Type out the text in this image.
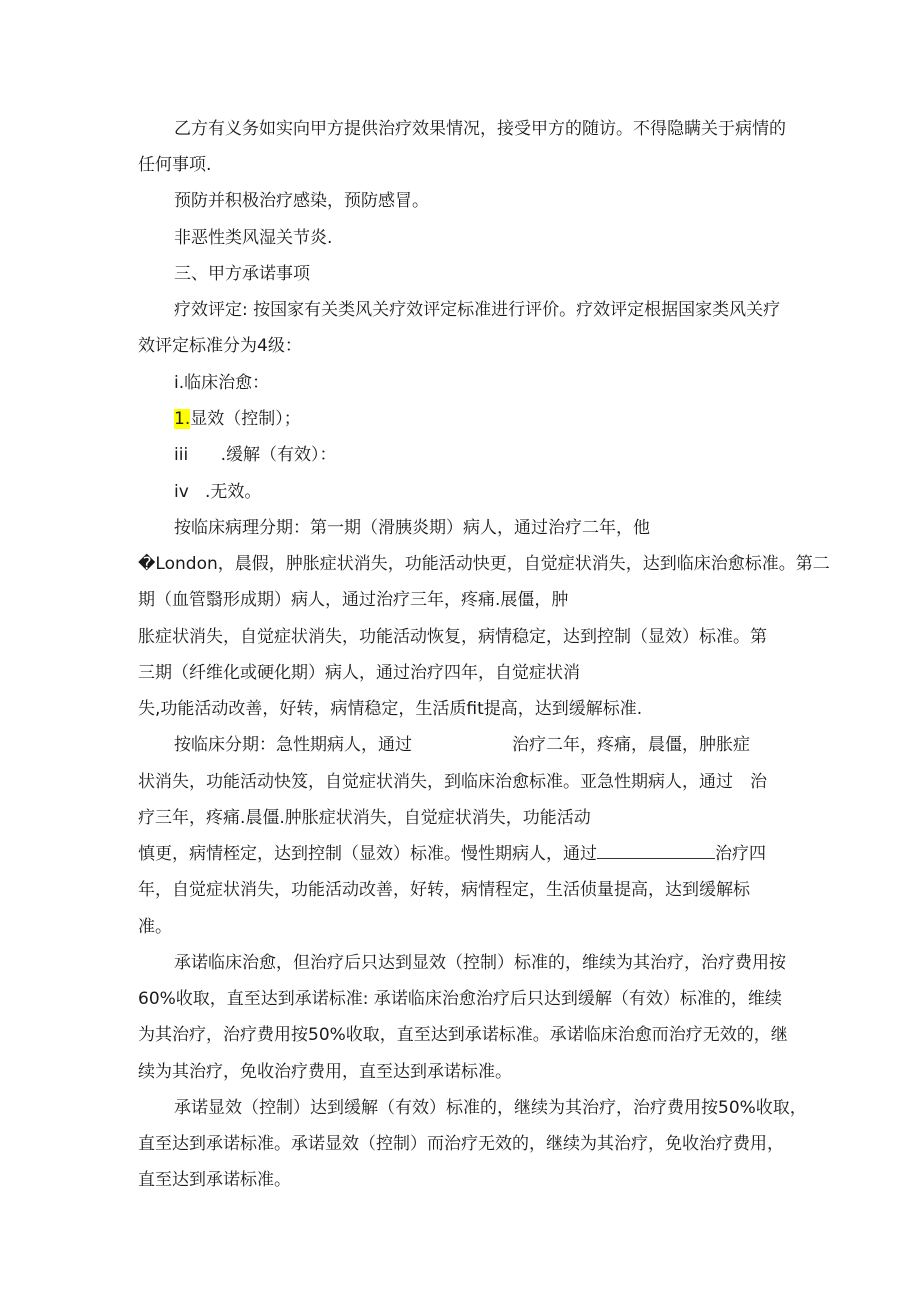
乙方有义务如实向甲方提供治疗效果情况，接受甲方的随访。不得隐瞒关于病情的
任何事项.
预防并积极治疗感染，预防感冒。
非恶性类风湿关节炎.
三、甲方承诺事项
疗效评定: 按国家有关类风关疗效评定标准进行评价。疗效评定根据国家类风关疗
效评定标准分为4级：
i.临床治愈：
1.显效（控制）；
iii      .缓解（有效）：
iv   .无效。
按临床病理分期：第一期（滑胰炎期）病人，通过治疗二年，他
�London，晨假，肿胀症状消失，功能活动快更，自觉症状消失，达到临床治愈标准。第二
期（血管翳形成期）病人，通过治疗三年，疼痛.展僵，肿
胀症状消失，自觉症状消失，功能活动恢复，病情稳定，达到控制（显效）标准。第
三期（纤维化或硬化期）病人，通过治疗四年，自觉症状消
失,功能活动改善，好转，病情稳定，生活质fit提高，达到缓解标准.
按临床分期：急性期病人，通过	治疗二年，疼痛，晨僵，肿胀症
状消失，功能活动快笈，自觉症状消失，到临床治愈标准。亚急性期病人，通过 治
疗三年，疼痛.晨僵.肿胀症状消失，自觉症状消失，功能活动
慎更，病情桎定，达到控制（显效）标准。慢性期病人，通过	治疗四
年，自觉症状消失，功能活动改善，好转，病情程定，生活侦量提高，达到缓解标
准。
承诺临床治愈，但治疗后只达到显效（控制）标准的，维续为其治疗，治疗费用按
60%收取，直至达到承诺标准: 承诺临床治愈治疗后只达到缓解（有效）标准的，维续
为其治疗，治疗费用按50%收取，直至达到承诺标准。承诺临床治愈而治疗无效的，继
续为其治疗，免收治疗费用，直至达到承诺标准。
承诺显效（控制）达到缓解（有效）标准的，继续为其治疗，治疗费用按50%收取，
直至达到承诺标准。承诺显效（控制）而治疗无效的，继续为其治疗，免收治疗费用，
直至达到承诺标准。
